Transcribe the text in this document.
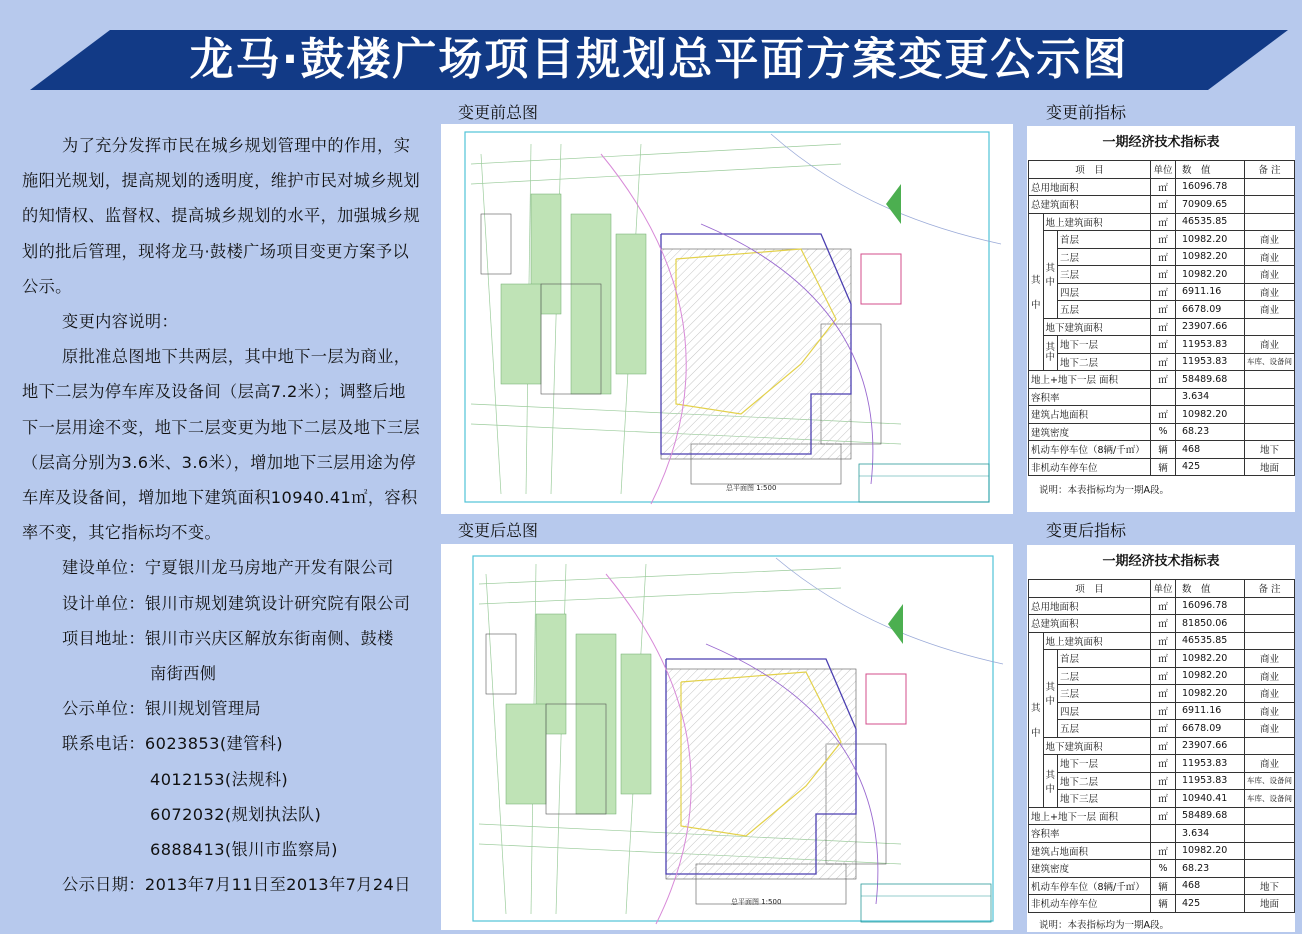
龙马·鼓楼广场项目规划总平面方案变更公示图

为了充分发挥市民在城乡规划管理中的作用，实施阳光规划，提高规划的透明度，维护市民对城乡规划的知情权、监督权、提高城乡规划的水平，加强城乡规划的批后管理，现将龙马·鼓楼广场项目变更方案予以公示。

变更内容说明：

原批准总图地下共两层，其中地下一层为商业，地下二层为停车库及设备间（层高7.2米）；调整后地下一层用途不变，地下二层变更为地下二层及地下三层（层高分别为3.6米、3.6米），增加地下三层用途为停车库及设备间，增加地下建筑面积10940.41㎡，容积率不变，其它指标均不变。

建设单位：宁夏银川龙马房地产开发有限公司

设计单位：银川市规划建筑设计研究院有限公司

项目地址：银川市兴庆区解放东街南侧、鼓楼

南街西侧

公示单位：银川规划管理局

联系电话：6023853(建管科)

4012153(法规科)

6072032(规划执法队)

6888413(银川市监察局)

公示日期：2013年7月11日至2013年7月24日

变更前总图	变更前指标
变更后总图	变更后指标
总平面图 1:500
总平面图 1:500
一期经济技术指标表
项　目			单位	数　值	备 注
总用地面积			㎡	16096.78	
总建筑面积			㎡	70909.65	
其

中	地上建筑面积		㎡	46535.85	
	其
中	首层	㎡	10982.20	商业
		二层	㎡	10982.20	商业
		三层	㎡	10982.20	商业
		四层	㎡	6911.16	商业
		五层	㎡	6678.09	商业
	地下建筑面积		㎡	23907.66	
	其
中	地下一层	㎡	11953.83	商业
		地下二层	㎡	11953.83	车库、设备间
地上+地下一层 面积			㎡	58489.68	
容积率				3.634	
建筑占地面积			㎡	10982.20	
建筑密度			%	68.23	
机动车停车位（8辆/千㎡）			辆	468	地下
非机动车停车位			辆	425	地面
说明：本表指标均为一期A段。
一期经济技术指标表
项　目			单位	数　值	备 注
总用地面积			㎡	16096.78	
总建筑面积			㎡	81850.06	
其

中	地上建筑面积		㎡	46535.85	
	其
中	首层	㎡	10982.20	商业
		二层	㎡	10982.20	商业
		三层	㎡	10982.20	商业
		四层	㎡	6911.16	商业
		五层	㎡	6678.09	商业
	地下建筑面积		㎡	23907.66	
	其
中	地下一层	㎡	11953.83	商业
		地下二层	㎡	11953.83	车库、设备间
		地下三层	㎡	10940.41	车库、设备间
地上+地下一层 面积			㎡	58489.68	
容积率				3.634	
建筑占地面积			㎡	10982.20	
建筑密度			%	68.23	
机动车停车位（8辆/千㎡）			辆	468	地下
非机动车停车位			辆	425	地面
说明：本表指标均为一期A段。
